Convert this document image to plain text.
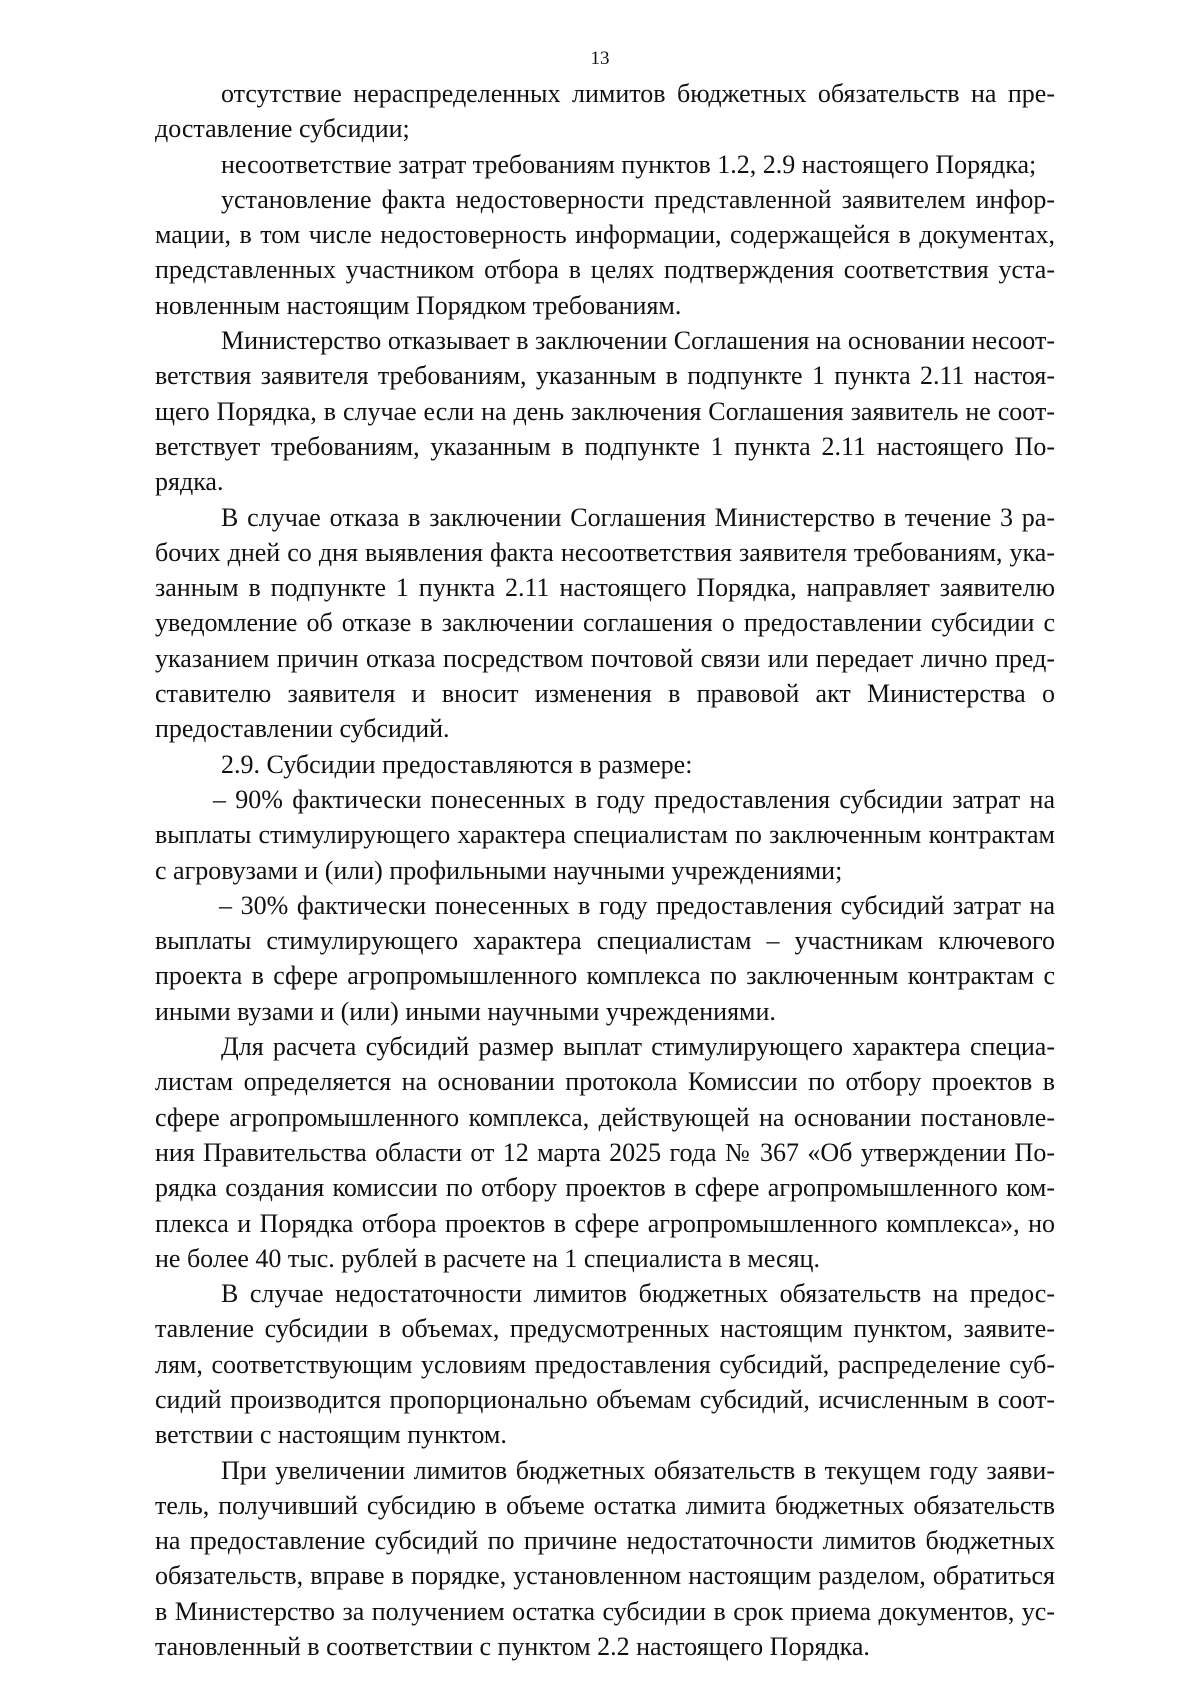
13

отсутствие нераспределенных лимитов бюджетных обязательств на предоставление субсидии;

несоответствие затрат требованиям пунктов 1.2, 2.9 настоящего Порядка;

установление факта недостоверности представленной заявителем информации, в том числе недостоверность информации, содержащейся в документах, представленных участником отбора в целях подтверждения соответствия установленным настоящим Порядком требованиям.

Министерство отказывает в заключении Соглашения на основании несоответствия заявителя требованиям, указанным в подпункте 1 пункта 2.11 настоящего Порядка, в случае если на день заключения Соглашения заявитель не соответствует требованиям, указанным в подпункте 1 пункта 2.11 настоящего Порядка.

В случае отказа в заключении Соглашения Министерство в течение 3 рабочих дней со дня выявления факта несоответствия заявителя требованиям, указанным в подпункте 1 пункта 2.11 настоящего Порядка, направляет заявителю уведомление об отказе в заключении соглашения о предоставлении субсидии с указанием причин отказа посредством почтовой связи или передает лично представителю заявителя и вносит изменения в правовой акт Министерства о предоставлении субсидий.

2.9. Субсидии предоставляются в размере:

– 90% фактически понесенных в году предоставления субсидии затрат на выплаты стимулирующего характера специалистам по заключенным контрактам с агровузами и (или) профильными научными учреждениями;

– 30% фактически понесенных в году предоставления субсидий затрат на выплаты стимулирующего характера специалистам – участникам ключевого проекта в сфере агропромышленного комплекса по заключенным контрактам с иными вузами и (или) иными научными учреждениями.

Для расчета субсидий размер выплат стимулирующего характера специалистам определяется на основании протокола Комиссии по отбору проектов в сфере агропромышленного комплекса, действующей на основании постановления Правительства области от 12 марта 2025 года № 367 «Об утверждении Порядка создания комиссии по отбору проектов в сфере агропромышленного комплекса и Порядка отбора проектов в сфере агропромышленного комплекса», но не более 40 тыс. рублей в расчете на 1 специалиста в месяц.

В случае недостаточности лимитов бюджетных обязательств на предоставление субсидии в объемах, предусмотренных настоящим пунктом, заявителям, соответствующим условиям предоставления субсидий, распределение субсидий производится пропорционально объемам субсидий, исчисленным в соответствии с настоящим пунктом.

При увеличении лимитов бюджетных обязательств в текущем году заявитель, получивший субсидию в объеме остатка лимита бюджетных обязательств на предоставление субсидий по причине недостаточности лимитов бюджетных обязательств, вправе в порядке, установленном настоящим разделом, обратиться в Министерство за получением остатка субсидии в срок приема документов, установленный в соответствии с пунктом 2.2 настоящего Порядка.
